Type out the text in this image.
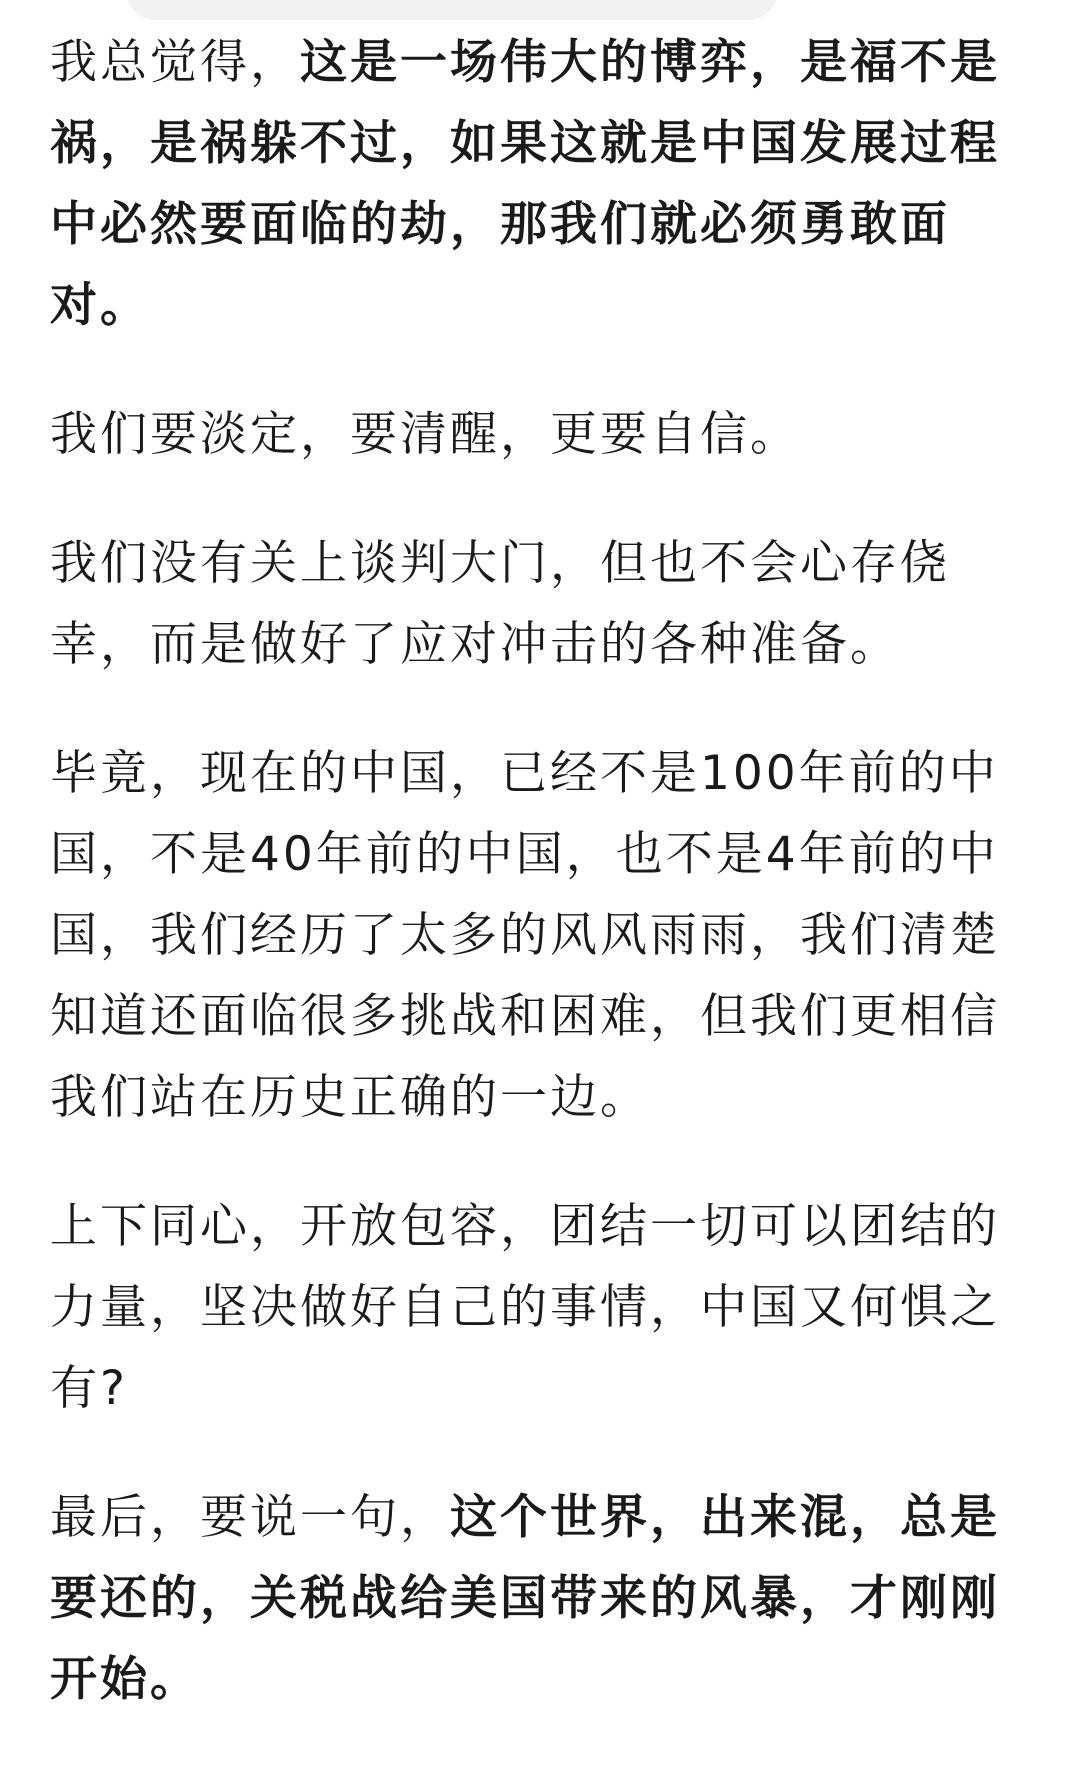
我总觉得，这是一场伟大的博弈，是福不是祸，是祸躲不过，如果这就是中国发展过程中必然要面临的劫，那我们就必须勇敢面对。

我们要淡定，要清醒，更要自信。

我们没有关上谈判大门，但也不会心存侥幸，而是做好了应对冲击的各种准备。

毕竟，现在的中国，已经不是100年前的中国，不是40年前的中国，也不是4年前的中国，我们经历了太多的风风雨雨，我们清楚知道还面临很多挑战和困难，但我们更相信我们站在历史正确的一边。

上下同心，开放包容，团结一切可以团结的力量，坚决做好自己的事情，中国又何惧之有?

最后，要说一句，这个世界，出来混，总是要还的，关税战给美国带来的风暴，才刚刚开始。
